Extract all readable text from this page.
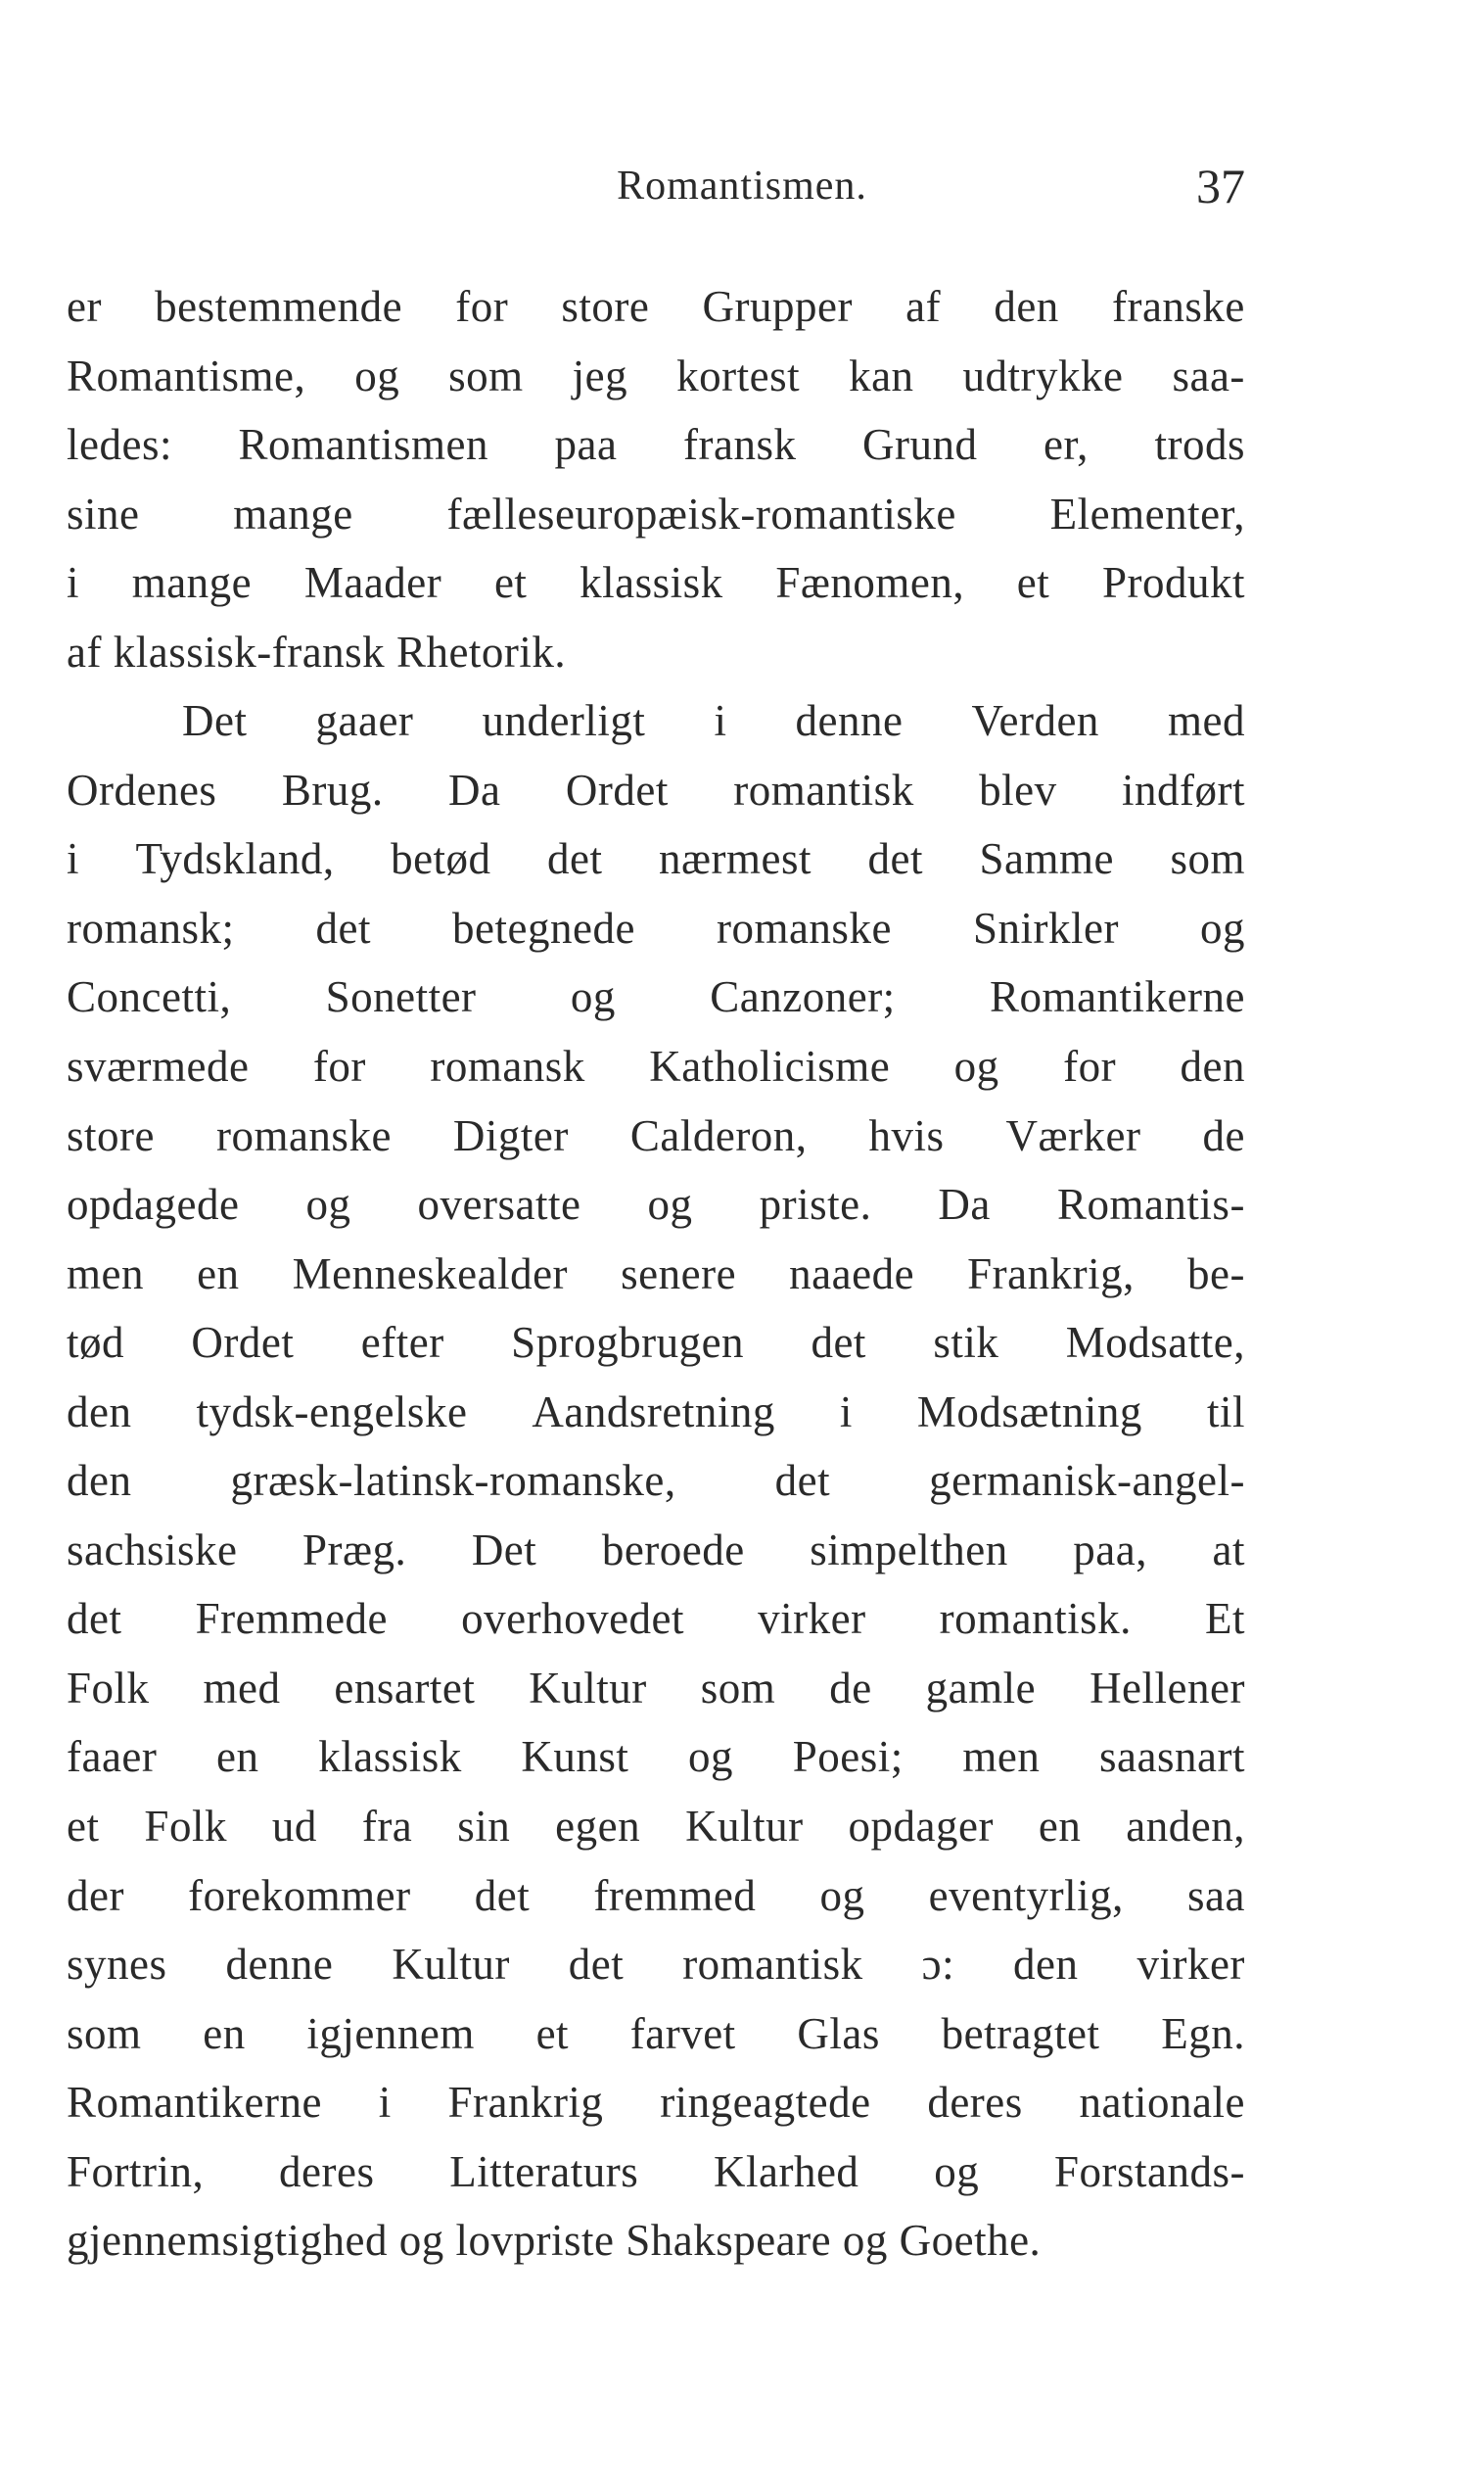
Romantismen.	37
er bestemmende for store Grupper af den franske
Romantisme, og som jeg kortest kan udtrykke saa-
ledes: Romantismen paa fransk Grund er, trods
sine mange fælleseuropæisk-romantiske Elementer,
i mange Maader et klassisk Fænomen, et Produkt
af klassisk-fransk Rhetorik.
Det gaaer underligt i denne Verden med
Ordenes Brug. Da Ordet romantisk blev indført
i Tydskland, betød det nærmest det Samme som
romansk; det betegnede romanske Snirkler og
Concetti, Sonetter og Canzoner; Romantikerne
sværmede for romansk Katholicisme og for den
store romanske Digter Calderon, hvis Værker de
opdagede og oversatte og priste. Da Romantis-
men en Menneskealder senere naaede Frankrig, be-
tød Ordet efter Sprogbrugen det stik Modsatte,
den tydsk-engelske Aandsretning i Modsætning til
den græsk-latinsk-romanske, det germanisk-angel-
sachsiske Præg. Det beroede simpelthen paa, at
det Fremmede overhovedet virker romantisk. Et
Folk med ensartet Kultur som de gamle Hellener
faaer en klassisk Kunst og Poesi; men saasnart
et Folk ud fra sin egen Kultur opdager en anden,
der forekommer det fremmed og eventyrlig, saa
synes denne Kultur det romantisk ɔ: den virker
som en igjennem et farvet Glas betragtet Egn.
Romantikerne i Frankrig ringeagtede deres nationale
Fortrin, deres Litteraturs Klarhed og Forstands-
gjennemsigtighed og lovpriste Shakspeare og Goethe.
